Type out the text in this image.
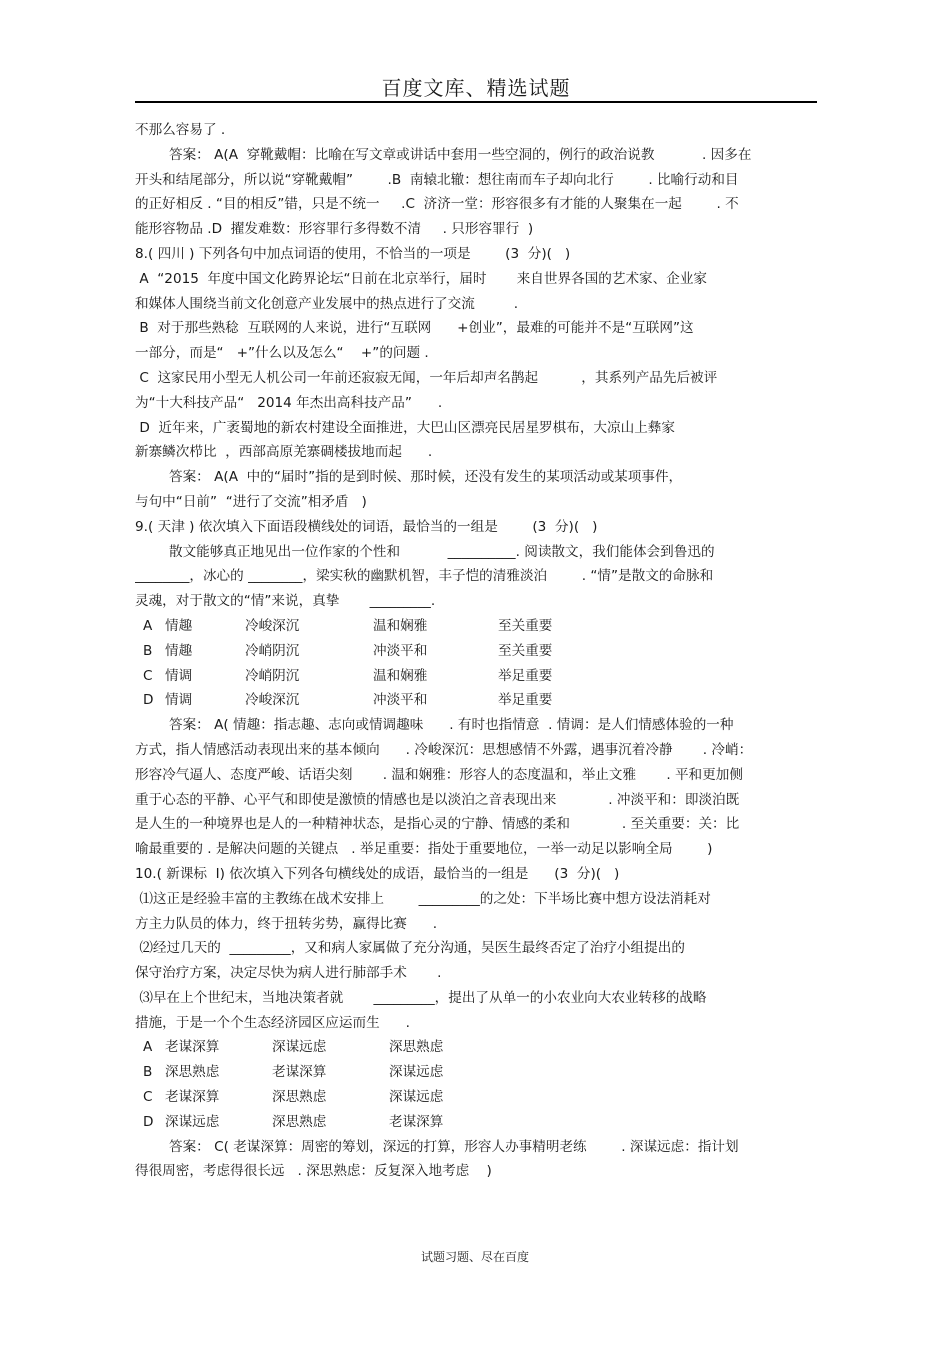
百度文库、精选试题
不那么容易了 .
答案： A(A  穿靴戴帽：比喻在写文章或讲话中套用一些空洞的，例行的政治说教           . 因多在
开头和结尾部分，所以说“穿靴戴帽”        .B  南辕北辙：想往南而车子却向北行        . 比喻行动和目
的正好相反 . “目的相反”错，只是不统一     .C  济济一堂：形容很多有才能的人聚集在一起        . 不
能形容物品 .D  擢发难数：形容罪行多得数不清     . 只形容罪行  )
8.( 四川 ) 下列各句中加点词语的使用，不恰当的一项是        (3  分)(   )
A  “2015  年度中国文化跨界论坛“日前在北京举行，届时       来自世界各国的艺术家、企业家
和媒体人围绕当前文化创意产业发展中的热点进行了交流         .
B  对于那些熟稔  互联网的人来说，进行“互联网      +创业”，最难的可能并不是“互联网”这
一部分，而是“   +”什么以及怎么“    +”的问题 .
C  这家民用小型无人机公司一年前还寂寂无闻，一年后却声名鹊起          ，其系列产品先后被评
为“十大科技产品“   2014 年杰出高科技产品”      .
D  近年来，广袤蜀地的新农村建设全面推进，大巴山区漂亮民居星罗棋布，大凉山上彝家
新寨鳞次栉比  ，西部高原羌寨碉楼拔地而起      .
答案： A(A  中的“届时”指的是到时候、那时候，还没有发生的某项活动或某项事件，
与句中“日前”  “进行了交流”相矛盾   )
9.( 天津 ) 依次填入下面语段横线处的词语，最恰当的一组是        (3  分)(   )
散文能够真正地见出一位作家的个性和           __________. 阅读散文，我们能体会到鲁迅的
________，冰心的 ________，梁实秋的幽默机智，丰子恺的清雅淡泊        . “情”是散文的命脉和
灵魂，对于散文的“情”来说，真挚       _________.
A 情趣	冷峻深沉	温和娴雅	至关重要
B 情趣	冷峭阴沉	冲淡平和	至关重要
C 情调	冷峭阴沉	温和娴雅	举足重要
D 情调	冷峻深沉	冲淡平和	举足重要
答案： A( 情趣：指志趣、志向或情调趣味      . 有时也指情意  . 情调：是人们情感体验的一种
方式，指人情感活动表现出来的基本倾向      . 冷峻深沉：思想感情不外露，遇事沉着冷静       . 冷峭：
形容冷气逼人、态度严峻、话语尖刻       . 温和娴雅：形容人的态度温和，举止文雅       . 平和更加侧
重于心态的平静、心平气和即使是激愤的情感也是以淡泊之音表现出来            . 冲淡平和：即淡泊既
是人生的一种境界也是人的一种精神状态，是指心灵的宁静、情感的柔和            . 至关重要：关：比
喻最重要的 . 是解决问题的关键点   . 举足重要：指处于重要地位，一举一动足以影响全局        )
10.( 新课标  Ⅰ) 依次填入下列各句横线处的成语，最恰当的一组是      (3  分)(   )
⑴这正是经验丰富的主教练在战术安排上        _________的之处：下半场比赛中想方设法消耗对
方主力队员的体力，终于扭转劣势，赢得比赛      .
⑵经过几天的  _________，又和病人家属做了充分沟通，吴医生最终否定了治疗小组提出的
保守治疗方案，决定尽快为病人进行肺部手术       .
⑶早在上个世纪末，当地决策者就       _________，提出了从单一的小农业向大农业转移的战略
措施，于是一个个生态经济园区应运而生      .
A 老谋深算	深谋远虑	深思熟虑
B 深思熟虑	老谋深算	深谋远虑
C 老谋深算	深思熟虑	深谋远虑
D 深谋远虑	深思熟虑	老谋深算
答案： C( 老谋深算：周密的筹划，深远的打算，形容人办事精明老练        . 深谋远虑：指计划
得很周密，考虑得很长远   . 深思熟虑：反复深入地考虑    )
试题习题、尽在百度
